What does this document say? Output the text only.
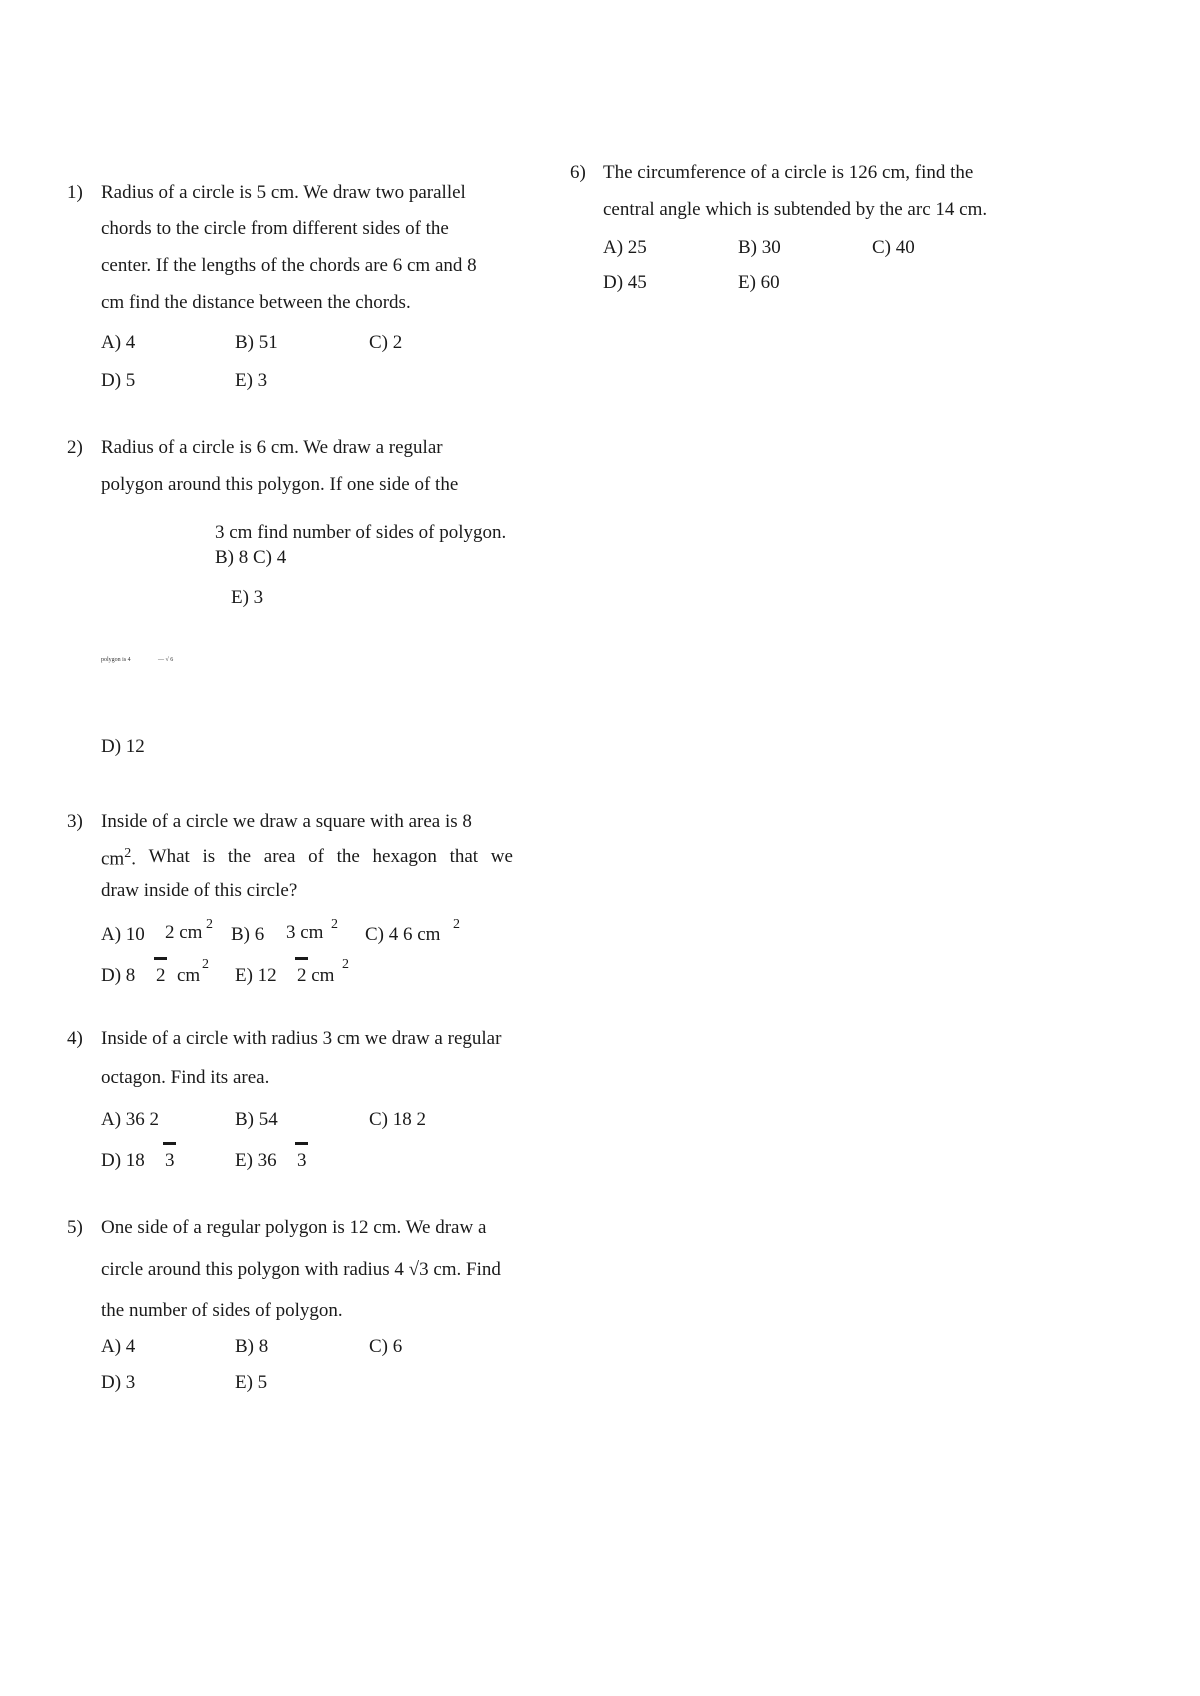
1) Radius of a circle is 5 cm. We draw two parallel
chords to the circle from different sides of the
center. If the lengths of the chords are 6 cm and 8
cm find the distance between the chords.
A) 4	B) 51	C) 2
D) 5	E) 3
2) Radius of a circle is 6 cm. We draw a regular
polygon around this polygon. If one side of the
3 cm find number of sides of polygon.
B) 8 C) 4
E) 3
polygon is 4	— √ 6
D) 12
3) Inside of a circle we draw a square with area is 8
$cm^2$. What is the area of the hexagon that we
draw inside of this circle?
A) 10 2 cm 2 B) 6 3 cm 2 C) 4 6 cm 2
D) 8 2 cm
2
E) 12 2 cm
2
4) Inside of a circle with radius 3 cm we draw a regular
octagon. Find its area.
A) 36 2	B) 54	C) 18 2
D) 18 3	E) 36 3
5) One side of a regular polygon is 12 cm. We draw a
circle around this polygon with radius 4 √3 cm. Find
the number of sides of polygon.
A) 4	B) 8	C) 6
D) 3	E) 5
6) The circumference of a circle is 126 cm, find the
central angle which is subtended by the arc 14 cm.
A) 25	B) 30	C) 40
D) 45	E) 60
